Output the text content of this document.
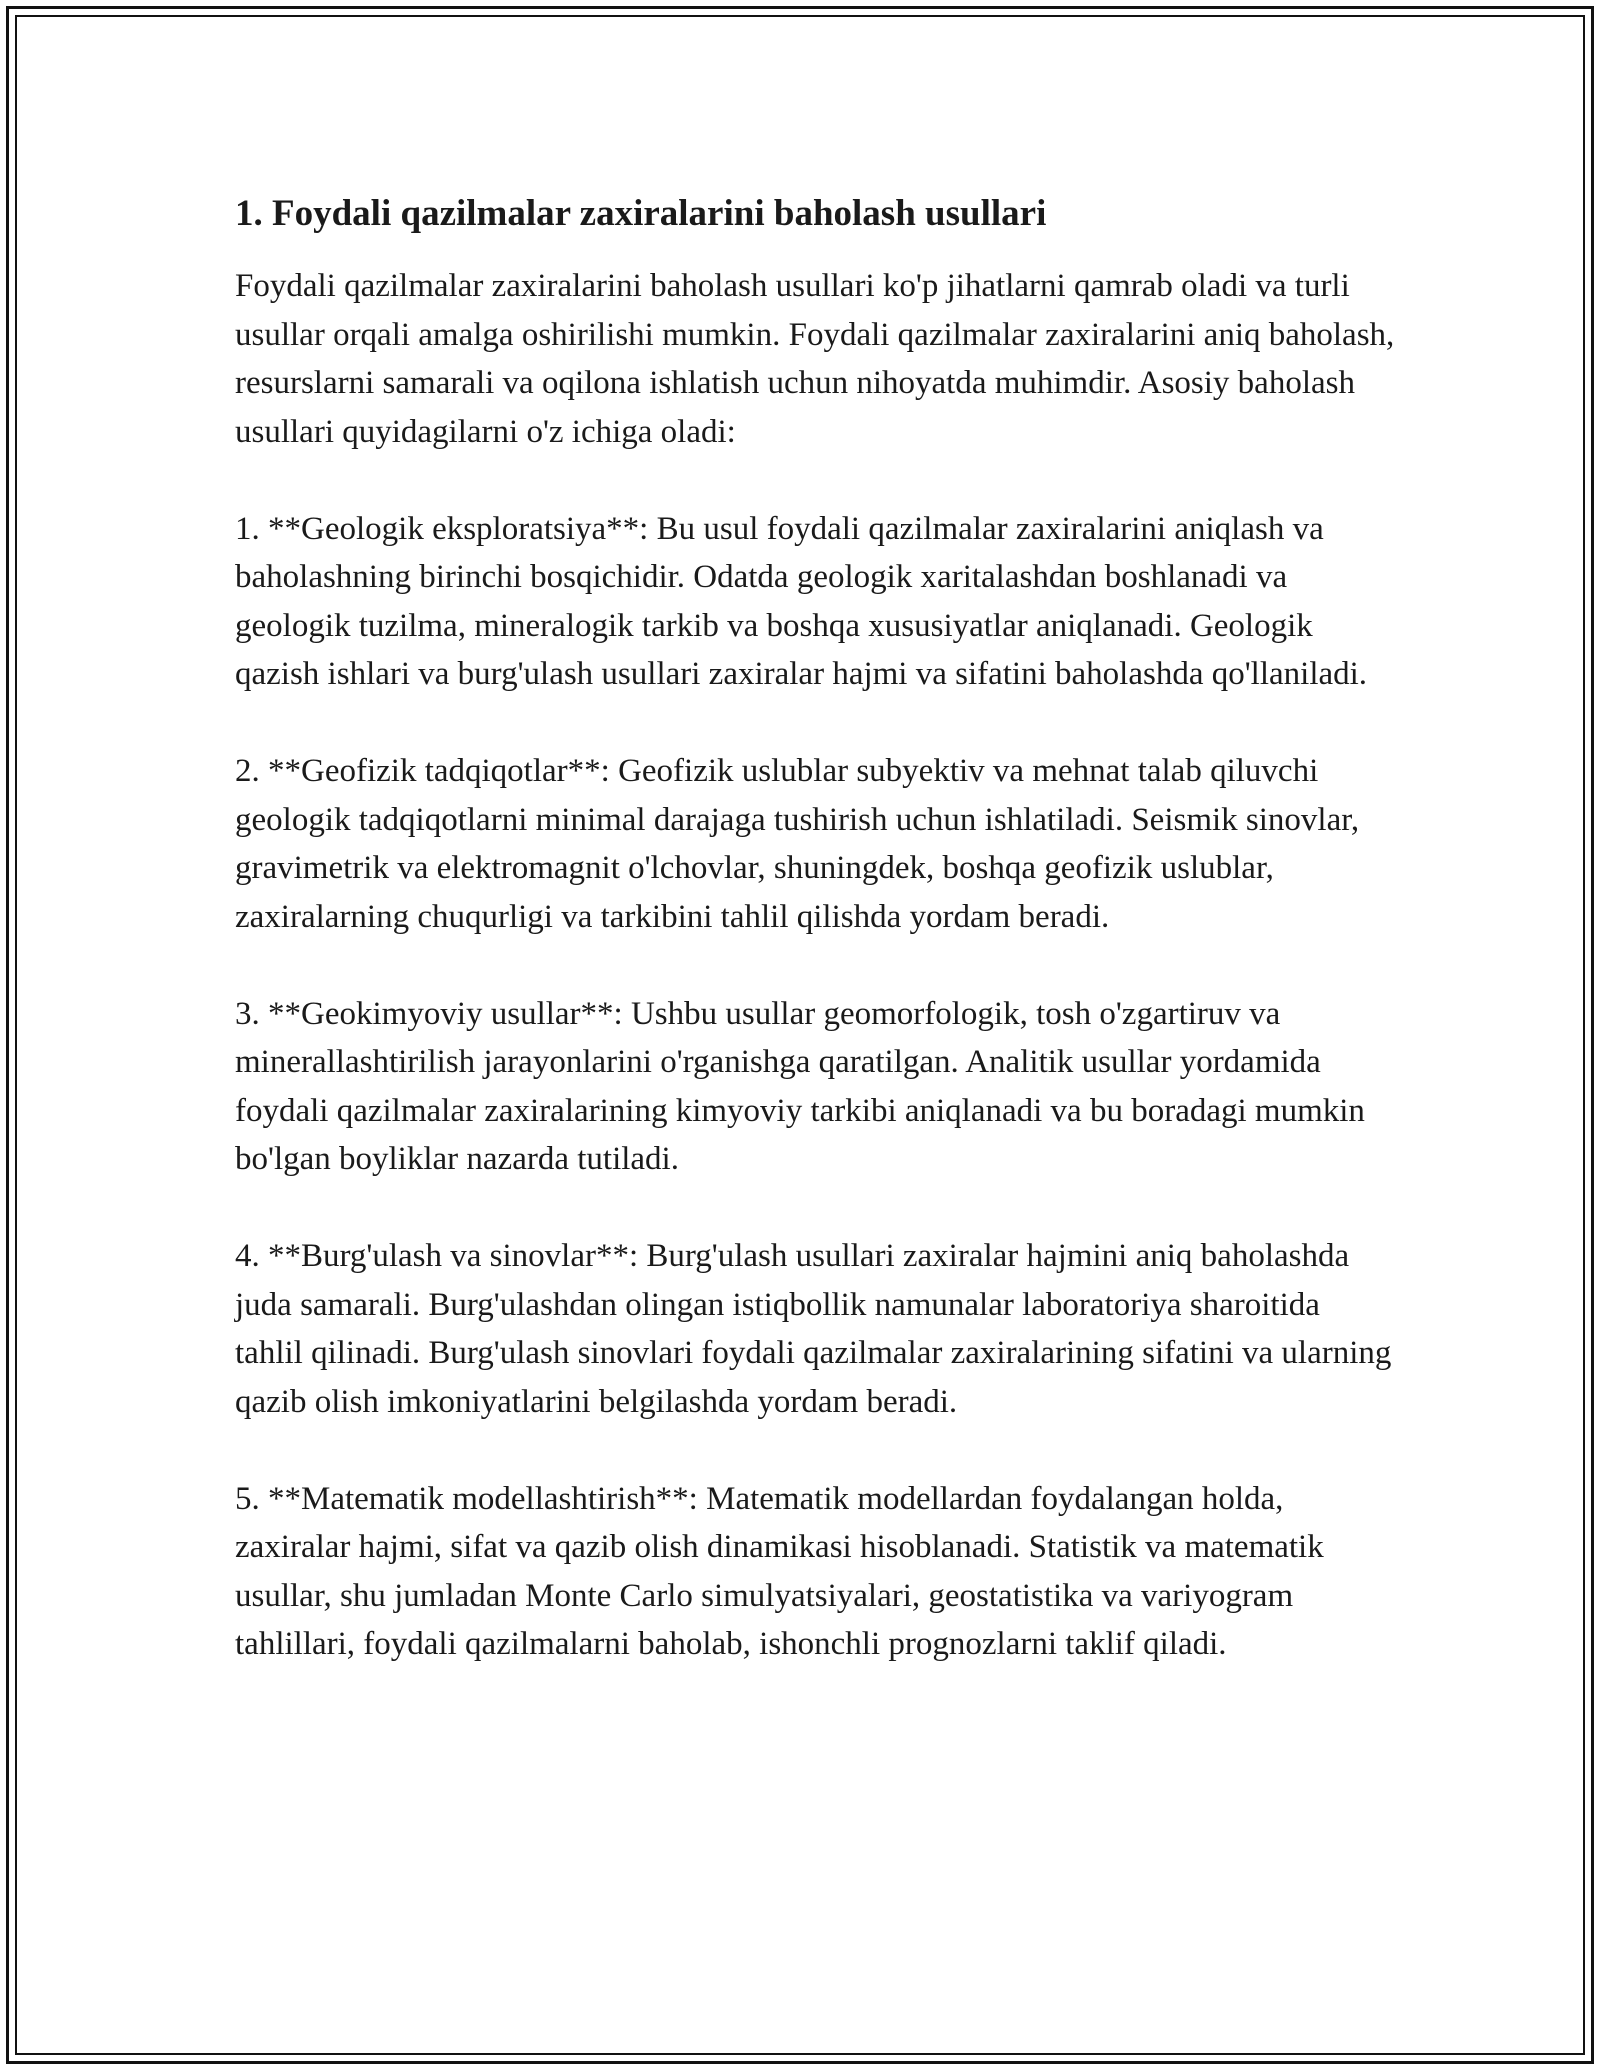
1. Foydali qazilmalar zaxiralarini baholash usullari

Foydali qazilmalar zaxiralarini baholash usullari ko'p jihatlarni qamrab oladi va turli usullar orqali amalga oshirilishi mumkin. Foydali qazilmalar zaxiralarini aniq baholash, resurslarni samarali va oqilona ishlatish uchun nihoyatda muhimdir. Asosiy baholash usullari quyidagilarni o'z ichiga oladi:

1. **Geologik eksploratsiya**: Bu usul foydali qazilmalar zaxiralarini aniqlash va baholashning birinchi bosqichidir. Odatda geologik xaritalashdan boshlanadi va geologik tuzilma, mineralogik tarkib va boshqa xususiyatlar aniqlanadi. Geologik qazish ishlari va burg'ulash usullari zaxiralar hajmi va sifatini baholashda qo'llaniladi.

2. **Geofizik tadqiqotlar**: Geofizik uslublar subyektiv va mehnat talab qiluvchi geologik tadqiqotlarni minimal darajaga tushirish uchun ishlatiladi. Seismik sinovlar, gravimetrik va elektromagnit o'lchovlar, shuningdek, boshqa geofizik uslublar, zaxiralarning chuqurligi va tarkibini tahlil qilishda yordam beradi.

3. **Geokimyoviy usullar**: Ushbu usullar geomorfologik, tosh o'zgartiruv va minerallashtirilish jarayonlarini o'rganishga qaratilgan. Analitik usullar yordamida foydali qazilmalar zaxiralarining kimyoviy tarkibi aniqlanadi va bu boradagi mumkin bo'lgan boyliklar nazarda tutiladi.

4. **Burg'ulash va sinovlar**: Burg'ulash usullari zaxiralar hajmini aniq baholashda juda samarali. Burg'ulashdan olingan istiqbollik namunalar laboratoriya sharoitida tahlil qilinadi. Burg'ulash sinovlari foydali qazilmalar zaxiralarining sifatini va ularning qazib olish imkoniyatlarini belgilashda yordam beradi.

5. **Matematik modellashtirish**: Matematik modellardan foydalangan holda, zaxiralar hajmi, sifat va qazib olish dinamikasi hisoblanadi. Statistik va matematik usullar, shu jumladan Monte Carlo simulyatsiyalari, geostatistika va variyogram tahlillari, foydali qazilmalarni baholab, ishonchli prognozlarni taklif qiladi.
